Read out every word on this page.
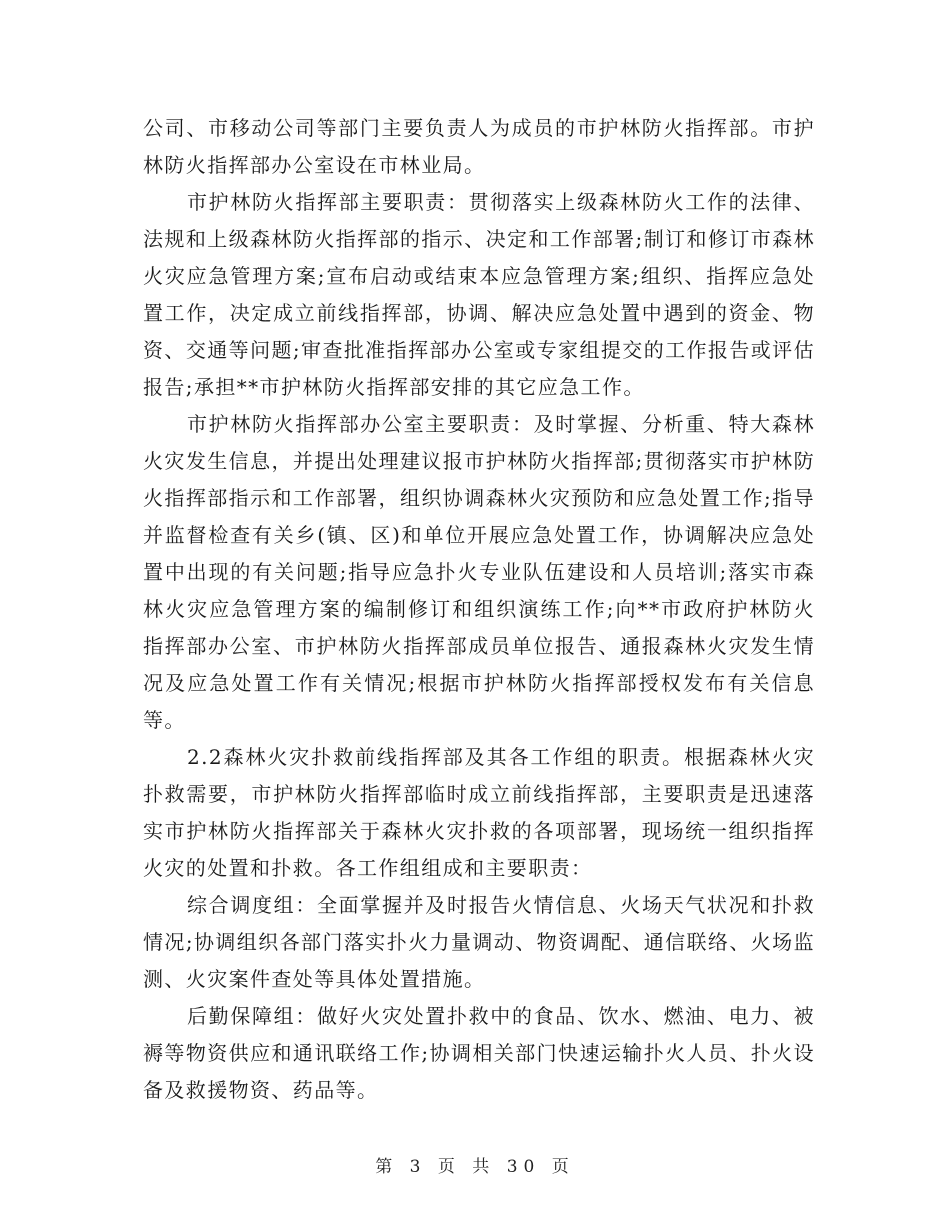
公司、市移动公司等部门主要负责人为成员的市护林防火指挥部。市护林防火指挥部办公室设在市林业局。

市护林防火指挥部主要职责：贯彻落实上级森林防火工作的法律、法规和上级森林防火指挥部的指示、决定和工作部署;制订和修订市森林火灾应急管理方案;宣布启动或结束本应急管理方案;组织、指挥应急处置工作，决定成立前线指挥部，协调、解决应急处置中遇到的资金、物资、交通等问题;审查批准指挥部办公室或专家组提交的工作报告或评估报告;承担**市护林防火指挥部安排的其它应急工作。

市护林防火指挥部办公室主要职责：及时掌握、分析重、特大森林火灾发生信息，并提出处理建议报市护林防火指挥部;贯彻落实市护林防火指挥部指示和工作部署，组织协调森林火灾预防和应急处置工作;指导并监督检查有关乡(镇、区)和单位开展应急处置工作，协调解决应急处置中出现的有关问题;指导应急扑火专业队伍建设和人员培训;落实市森林火灾应急管理方案的编制修订和组织演练工作;向**市政府护林防火指挥部办公室、市护林防火指挥部成员单位报告、通报森林火灾发生情况及应急处置工作有关情况;根据市护林防火指挥部授权发布有关信息等。

2.2森林火灾扑救前线指挥部及其各工作组的职责。根据森林火灾扑救需要，市护林防火指挥部临时成立前线指挥部，主要职责是迅速落实市护林防火指挥部关于森林火灾扑救的各项部署，现场统一组织指挥火灾的处置和扑救。各工作组组成和主要职责：

综合调度组：全面掌握并及时报告火情信息、火场天气状况和扑救情况;协调组织各部门落实扑火力量调动、物资调配、通信联络、火场监测、火灾案件查处等具体处置措施。

后勤保障组：做好火灾处置扑救中的食品、饮水、燃油、电力、被褥等物资供应和通讯联络工作;协调相关部门快速运输扑火人员、扑火设备及救援物资、药品等。

第 3 页 共 30 页
